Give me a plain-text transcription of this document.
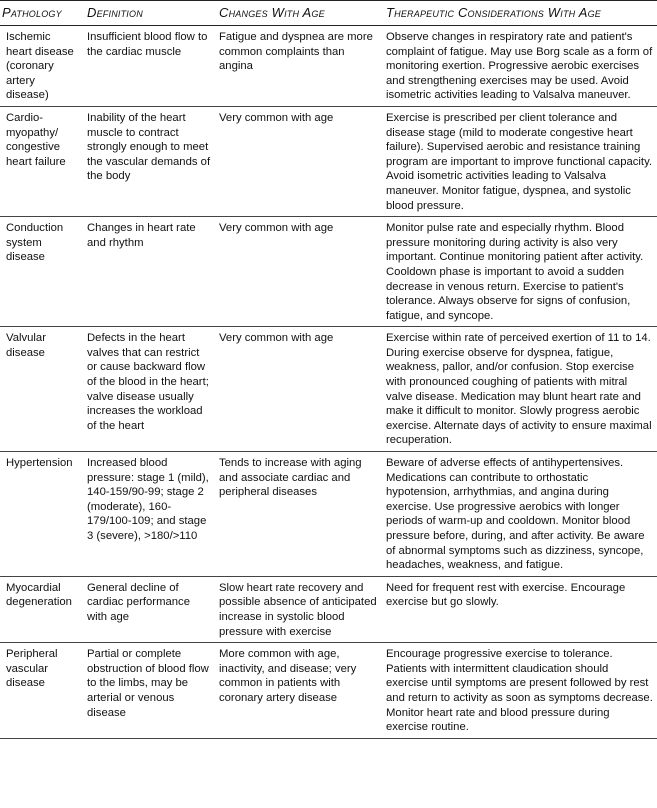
Pathology	Definition	Changes With Age	Therapeutic Considerations With Age
Ischemic heart disease (coronary artery disease)	Insufficient blood flow to the cardiac muscle	Fatigue and dyspnea are more common complaints than angina	Observe changes in respiratory rate and patient's complaint of fatigue. May use Borg scale as a form of monitoring exertion. Progressive aerobic exercises and strengthening exercises may be used. Avoid isometric activities leading to Valsalva maneuver.
Cardio-myopathy/ congestive heart failure	Inability of the heart muscle to contract strongly enough to meet the vascular demands of the body	Very common with age	Exercise is prescribed per client tolerance and disease stage (mild to moderate congestive heart failure). Supervised aerobic and resistance training program are important to improve functional capacity. Avoid isometric activities leading to Valsalva maneuver. Monitor fatigue, dyspnea, and systolic blood pressure.
Conduction system disease	Changes in heart rate and rhythm	Very common with age	Monitor pulse rate and especially rhythm. Blood pressure monitoring during activity is also very important. Continue monitoring patient after activity. Cooldown phase is important to avoid a sudden decrease in venous return. Exercise to patient's tolerance. Always observe for signs of confusion, fatigue, and syncope.
Valvular disease	Defects in the heart valves that can restrict or cause backward flow of the blood in the heart; valve disease usually increases the workload of the heart	Very common with age	Exercise within rate of perceived exertion of 11 to 14. During exercise observe for dyspnea, fatigue, weakness, pallor, and/or confusion. Stop exercise with pronounced coughing of patients with mitral valve disease. Medication may blunt heart rate and make it difficult to monitor. Slowly progress aerobic exercise. Alternate days of activity to ensure maximal recuperation.
Hypertension	Increased blood pressure: stage 1 (mild), 140-159/90-99; stage 2 (moderate), 160-179/100-109; and stage 3 (severe), >180/>110	Tends to increase with aging and associate cardiac and peripheral diseases	Beware of adverse effects of antihypertensives. Medications can contribute to orthostatic hypotension, arrhythmias, and angina during exercise. Use progressive aerobics with longer periods of warm-up and cooldown. Monitor blood pressure before, during, and after activity. Be aware of abnormal symptoms such as dizziness, syncope, headaches, weakness, and fatigue.
Myocardial degeneration	General decline of cardiac performance with age	Slow heart rate recovery and possible absence of anticipated increase in systolic blood pressure with exercise	Need for frequent rest with exercise. Encourage exercise but go slowly.
Peripheral vascular disease	Partial or complete obstruction of blood flow to the limbs, may be arterial or venous disease	More common with age, inactivity, and disease; very common in patients with coronary artery disease	Encourage progressive exercise to tolerance. Patients with intermittent claudication should exercise until symptoms are present followed by rest and return to activity as soon as symptoms decrease. Monitor heart rate and blood pressure during exercise routine.
